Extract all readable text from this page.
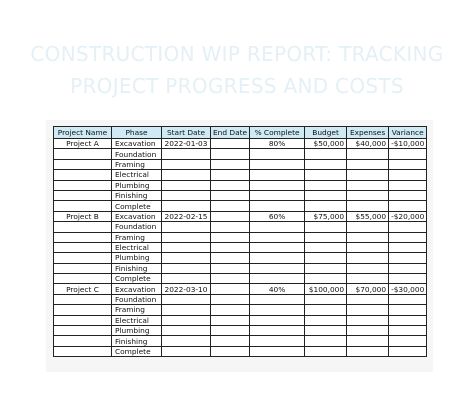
CONSTRUCTION WIP REPORT: TRACKING
PROJECT PROGRESS AND COSTS
Project Name	Phase	Start Date	End Date	% Complete	Budget	Expenses	Variance
Project A	Excavation	2022-01-03		80%	$50,000	$40,000	-$10,000
	Foundation						
	Framing						
	Electrical						
	Plumbing						
	Finishing						
	Complete						
Project B	Excavation	2022-02-15		60%	$75,000	$55,000	-$20,000
	Foundation						
	Framing						
	Electrical						
	Plumbing						
	Finishing						
	Complete						
Project C	Excavation	2022-03-10		40%	$100,000	$70,000	-$30,000
	Foundation						
	Framing						
	Electrical						
	Plumbing						
	Finishing						
	Complete						
